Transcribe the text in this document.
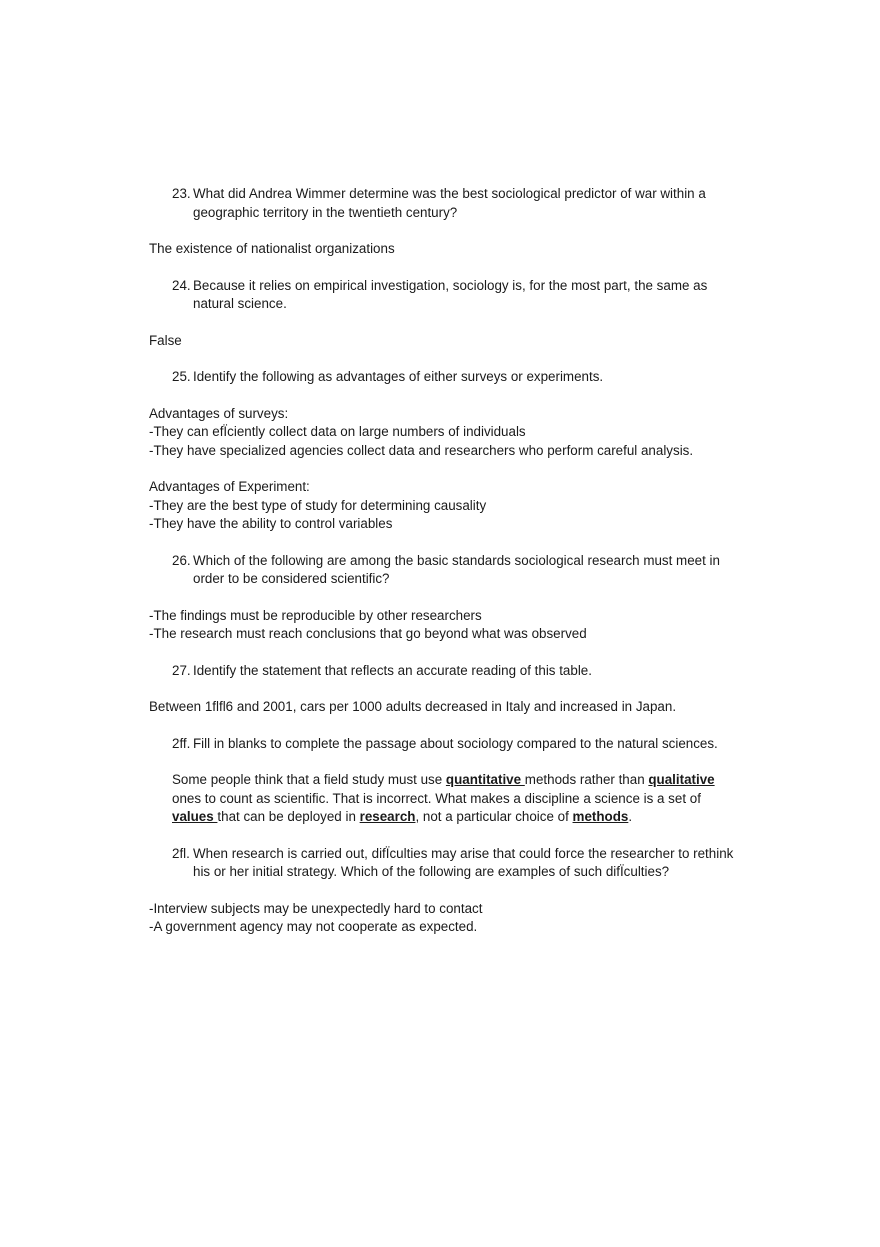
23. What did Andrea Wimmer determine was the best sociological predictor of war within a geographic territory in the twentieth century?

The existence of nationalist organizations

24. Because it relies on empirical investigation, sociology is, for the most part, the same as natural science.

False

25. Identify the following as advantages of either surveys or experiments.
Advantages of surveys:
-They can efÏciently collect data on large numbers of individuals
-They have specialized agencies collect data and researchers who perform careful analysis.
Advantages of Experiment:
-They are the best type of study for determining causality
-They have the ability to control variables
26. Which of the following are among the basic standards sociological research must meet in order to be considered scientific?
-The findings must be reproducible by other researchers
-The research must reach conclusions that go beyond what was observed
27. Identify the statement that reflects an accurate reading of this table.

Between 1flfl6 and 2001, cars per 1000 adults decreased in Italy and increased in Japan.

2ff. Fill in blanks to complete the passage about sociology compared to the natural sciences.

Some people think that a field study must use quantitative methods rather than qualitative ones to count as scientific. That is incorrect. What makes a discipline a science is a set of values that can be deployed in research, not a particular choice of methods.

2fl. When research is carried out, difÏculties may arise that could force the researcher to rethink his or her initial strategy. Which of the following are examples of such difÏculties?
-Interview subjects may be unexpectedly hard to contact
-A government agency may not cooperate as expected.
